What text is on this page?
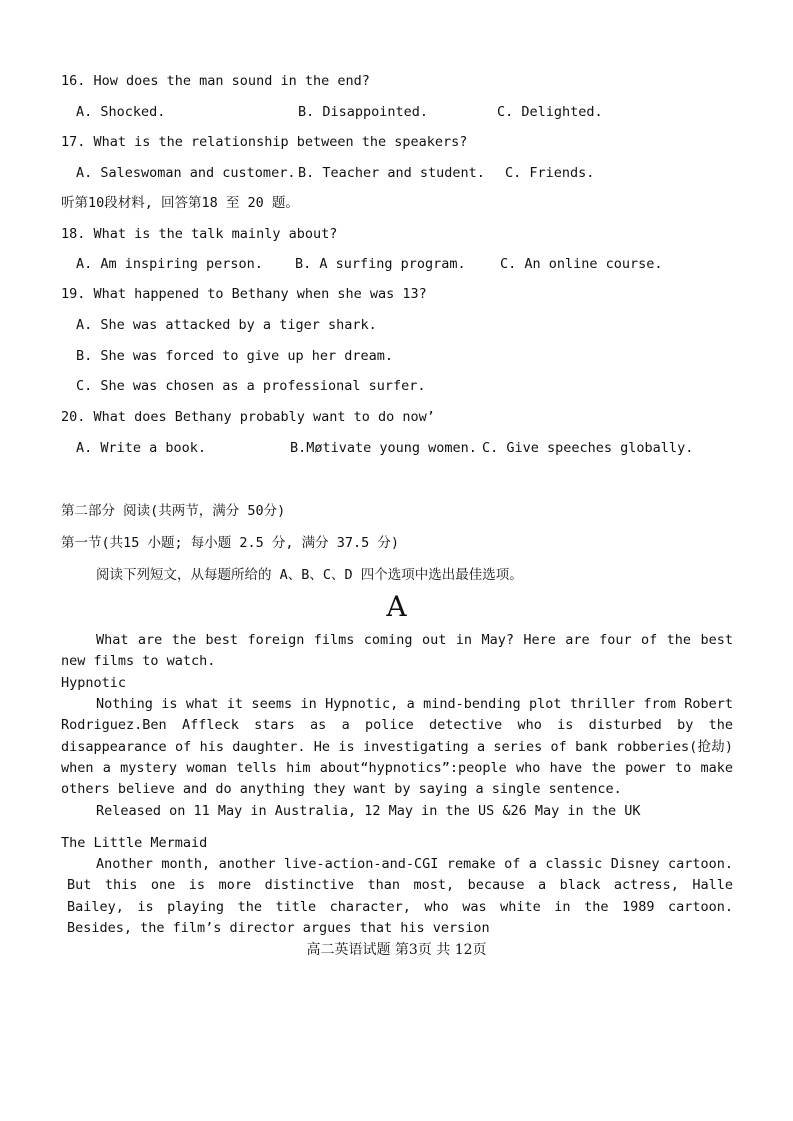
16. How does the man sound in the end?
A. Shocked.	B. Disappointed.	C. Delighted.
17. What is the relationship between the speakers?
A. Saleswoman and customer. B. Teacher and student. C. Friends.
听第10段材料, 回答第18 至 20 题。
18. What is the talk mainly about?
A. Am inspiring person. B. A surfing program.	C. An online course.
19. What happened to Bethany when she was 13?
A. She was attacked by a tiger shark.
B. She was forced to give up her dream.
C. She was chosen as a professional surfer.
20. What does Bethany probably want to do now’
A. Write a book.	B.Møtivate young women. C. Give speeches globally.
第二部分 阅读(共两节，满分 50分)
第一节(共15 小题; 每小题 2.5 分, 满分 37.5 分)
阅读下列短文，从每题所给的 A、B、C、D 四个选项中选出最佳选项。
A
What are the best foreign films coming out in May? Here are four of the best new films to watch.
Hypnotic
Nothing is what it seems in Hypnotic, a mind-bending plot thriller from Robert Rodriguez.Ben Affleck stars as a police detective who is disturbed by the disappearance of his daughter. He is investigating a series of bank robberies(抢劫) when a mystery woman tells him about“hypnotics”:people who have the power to make others believe and do anything they want by saying a single sentence.
Released on 11 May in Australia, 12 May in the US &26 May in the UK
The Little Mermaid
Another month, another live-action-and-CGI remake of a classic Disney cartoon. But this one is more distinctive than most, because a black actress, Halle Bailey, is playing the title character, who was white in the 1989 cartoon. Besides, the film’s director argues that his version
高二英语试题 第3页 共 12页
